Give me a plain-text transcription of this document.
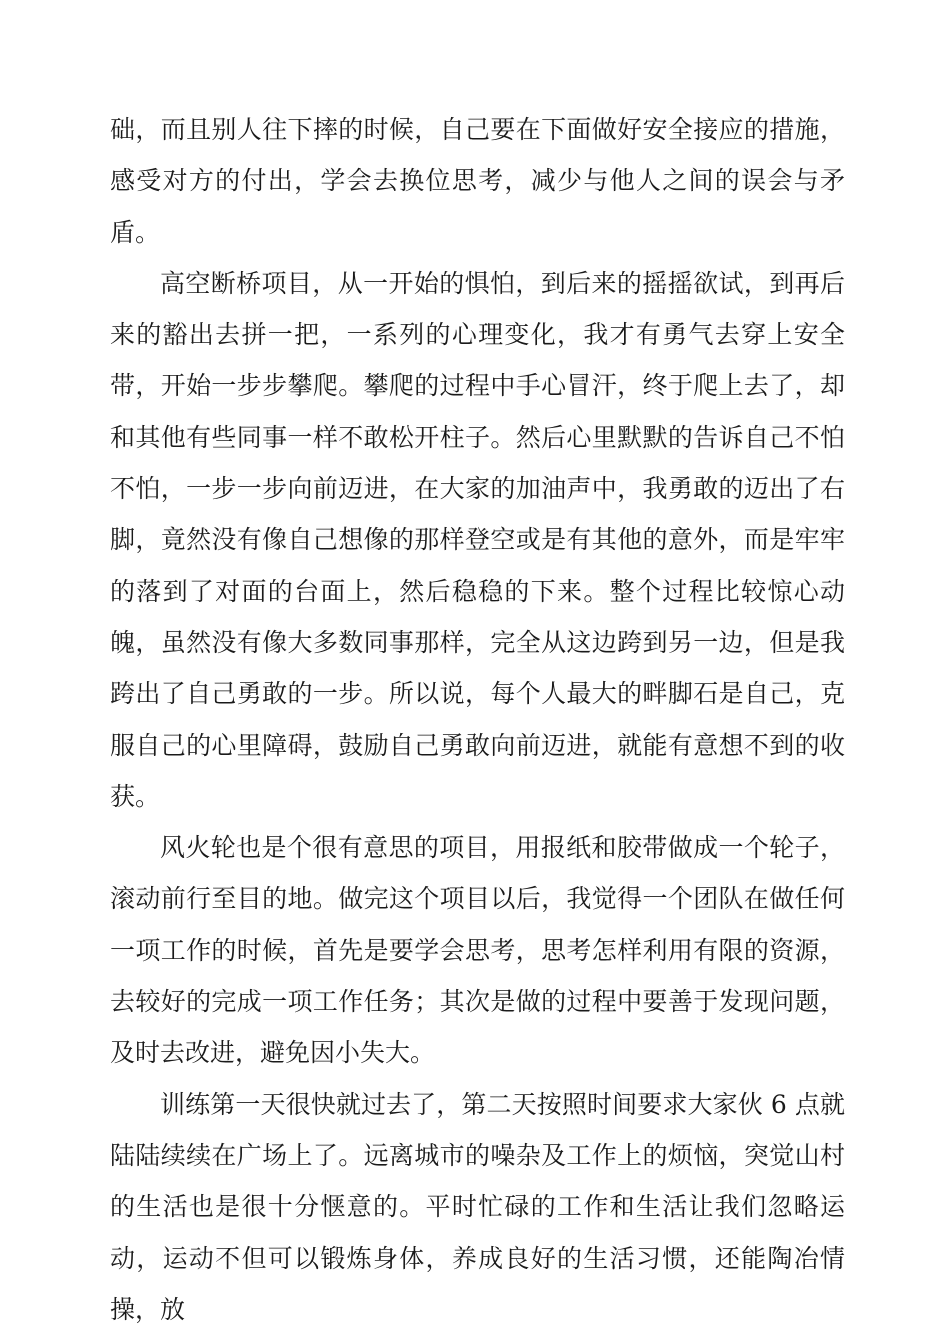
础，而且别人往下摔的时候，自己要在下面做好安全接应的措施，感受对方的付出，学会去换位思考，减少与他人之间的误会与矛盾。

高空断桥项目，从一开始的惧怕，到后来的摇摇欲试，到再后来的豁出去拼一把，一系列的心理变化，我才有勇气去穿上安全带，开始一步步攀爬。攀爬的过程中手心冒汗，终于爬上去了，却和其他有些同事一样不敢松开柱子。然后心里默默的告诉自己不怕不怕，一步一步向前迈进，在大家的加油声中，我勇敢的迈出了右脚，竟然没有像自己想像的那样登空或是有其他的意外，而是牢牢的落到了对面的台面上，然后稳稳的下来。整个过程比较惊心动魄，虽然没有像大多数同事那样，完全从这边跨到另一边，但是我跨出了自己勇敢的一步。所以说，每个人最大的畔脚石是自己，克服自己的心里障碍，鼓励自己勇敢向前迈进，就能有意想不到的收获。

风火轮也是个很有意思的项目，用报纸和胶带做成一个轮子，滚动前行至目的地。做完这个项目以后，我觉得一个团队在做任何一项工作的时候，首先是要学会思考，思考怎样利用有限的资源，去较好的完成一项工作任务；其次是做的过程中要善于发现问题，及时去改进，避免因小失大。

训练第一天很快就过去了，第二天按照时间要求大家伙 6 点就陆陆续续在广场上了。远离城市的噪杂及工作上的烦恼，突觉山村的生活也是很十分惬意的。平时忙碌的工作和生活让我们忽略运动，运动不但可以锻炼身体，养成良好的生活习惯，还能陶冶情操，放
